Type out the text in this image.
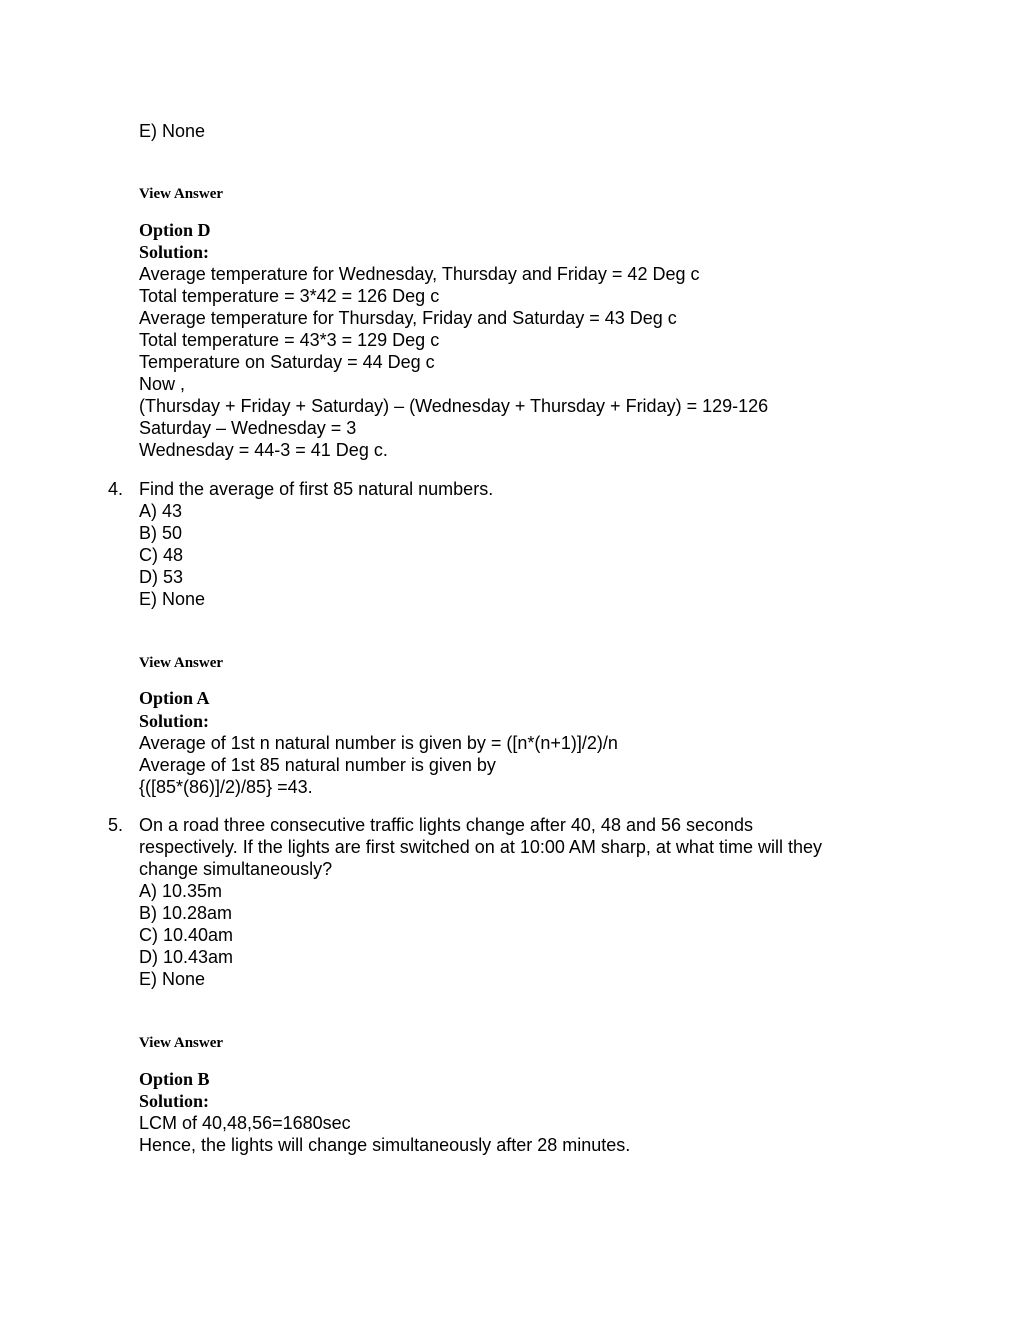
E) None
View Answer
Option D
Solution:
Average temperature for Wednesday, Thursday and Friday = 42 Deg c
Total temperature = 3*42 = 126 Deg c
Average temperature for Thursday, Friday and Saturday = 43 Deg c
Total temperature = 43*3 = 129 Deg c
Temperature on Saturday = 44 Deg c
Now ,
(Thursday + Friday + Saturday) – (Wednesday + Thursday + Friday) = 129-126
Saturday – Wednesday = 3
Wednesday = 44-3 = 41 Deg c.
4. Find the average of first 85 natural numbers.
A) 43
B) 50
C) 48
D) 53
E) None
View Answer
Option A
Solution:
Average of 1st n natural number is given by = ([n*(n+1)]/2)/n
Average of 1st 85 natural number is given by
{([85*(86)]/2)/85} =43.
5. On a road three consecutive traffic lights change after 40, 48 and 56 seconds
respectively. If the lights are first switched on at 10:00 AM sharp, at what time will they
change simultaneously?
A) 10.35m
B) 10.28am
C) 10.40am
D) 10.43am
E) None
View Answer
Option B
Solution:
LCM of 40,48,56=1680sec
Hence, the lights will change simultaneously after 28 minutes.
